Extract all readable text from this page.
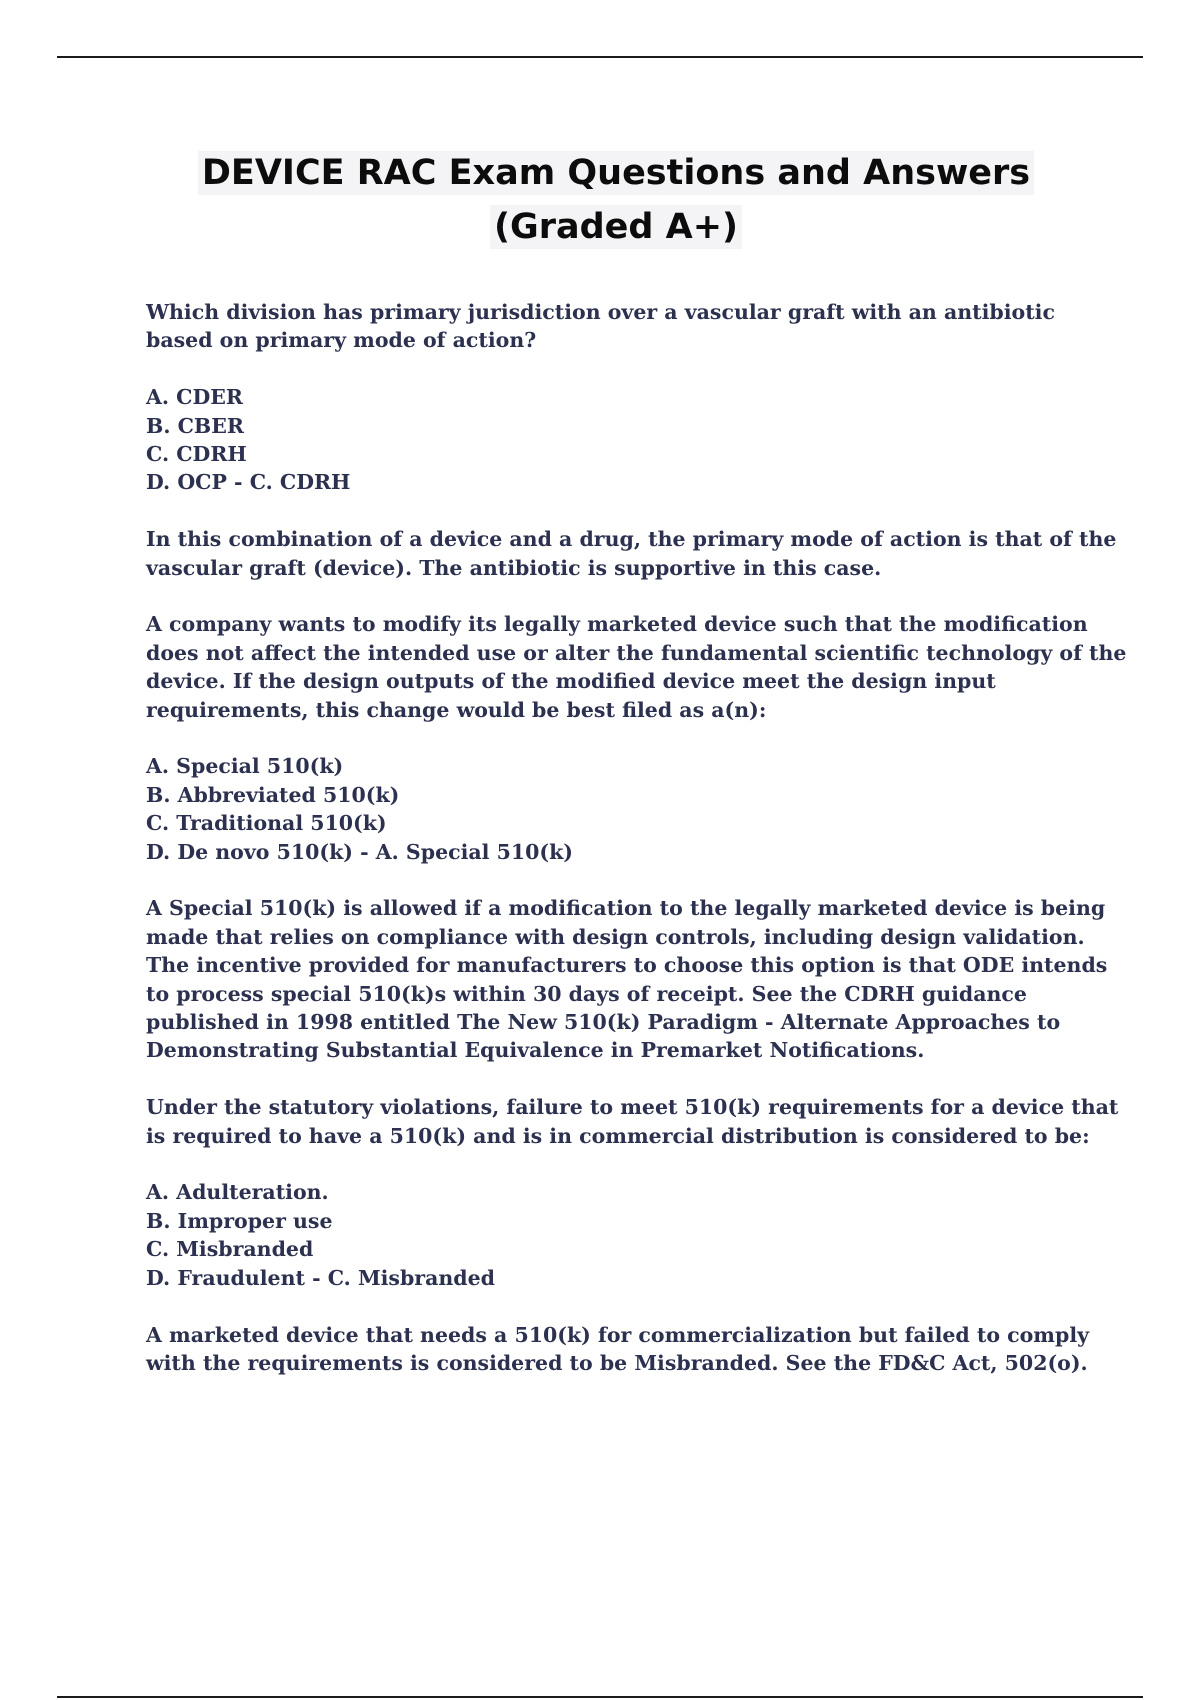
DEVICE RAC Exam Questions and Answers
(Graded A+)

Which division has primary jurisdiction over a vascular graft with an antibiotic
based on primary mode of action?

A. CDER
B. CBER
C. CDRH
D. OCP - C. CDRH

In this combination of a device and a drug, the primary mode of action is that of the
vascular graft (device). The antibiotic is supportive in this case.

A company wants to modify its legally marketed device such that the modification
does not affect the intended use or alter the fundamental scientific technology of the
device. If the design outputs of the modified device meet the design input
requirements, this change would be best filed as a(n):

A. Special 510(k)
B. Abbreviated 510(k)
C. Traditional 510(k)
D. De novo 510(k) - A. Special 510(k)

A Special 510(k) is allowed if a modification to the legally marketed device is being
made that relies on compliance with design controls, including design validation.
The incentive provided for manufacturers to choose this option is that ODE intends
to process special 510(k)s within 30 days of receipt. See the CDRH guidance
published in 1998 entitled The New 510(k) Paradigm - Alternate Approaches to
Demonstrating Substantial Equivalence in Premarket Notifications.

Under the statutory violations, failure to meet 510(k) requirements for a device that
is required to have a 510(k) and is in commercial distribution is considered to be:

A. Adulteration.
B. Improper use
C. Misbranded
D. Fraudulent - C. Misbranded

A marketed device that needs a 510(k) for commercialization but failed to comply
with the requirements is considered to be Misbranded. See the FD&C Act, 502(o).
